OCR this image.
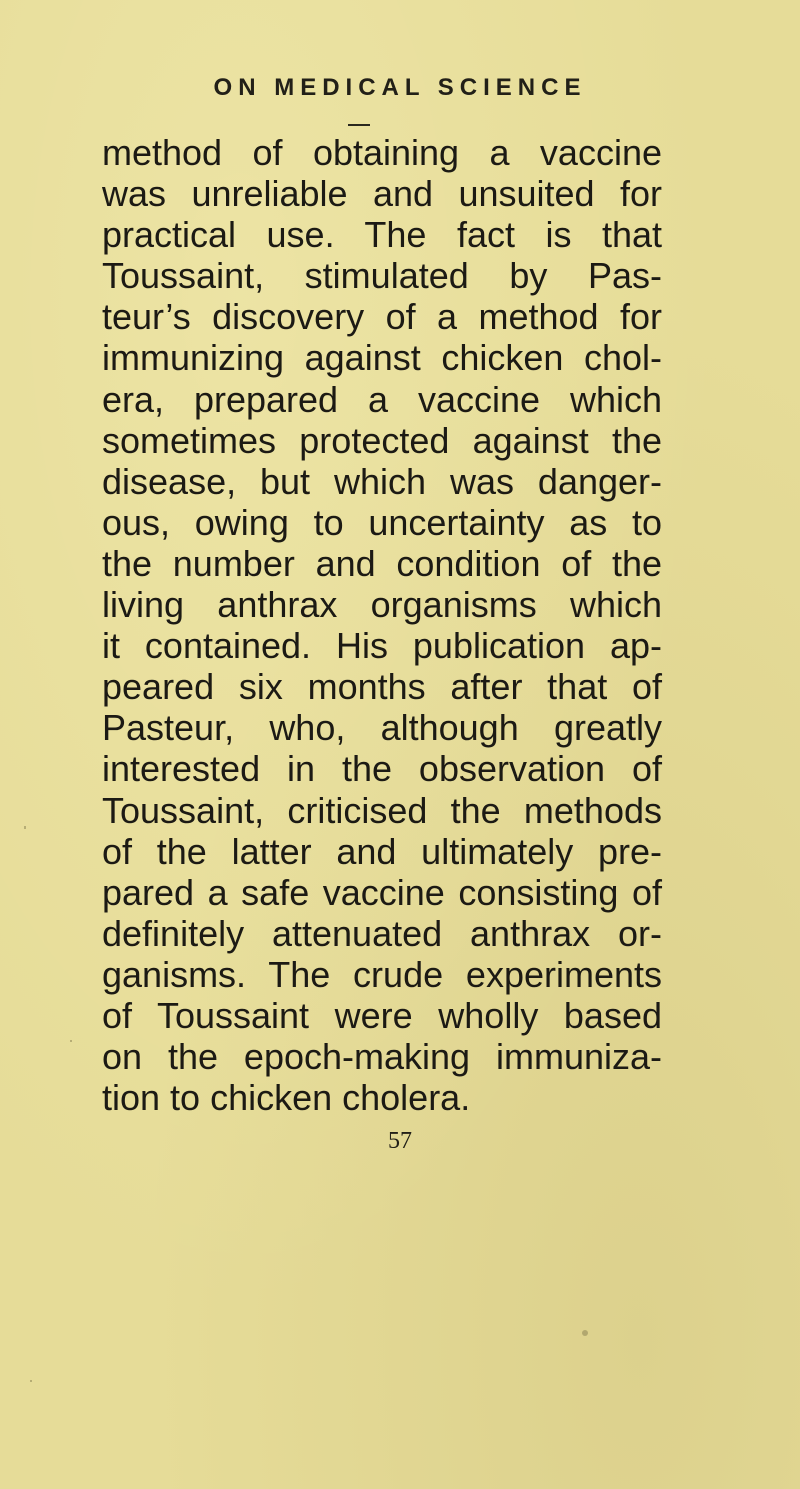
ON MEDICAL SCIENCE
method of obtaining a vaccine
was unreliable and unsuited for
practical use. The fact is that
Toussaint, stimulated by Pas-
teur’s discovery of a method for
immunizing against chicken chol-
era, prepared a vaccine which
sometimes protected against the
disease, but which was danger-
ous, owing to uncertainty as to
the number and condition of the
living anthrax organisms which
it contained. His publication ap-
peared six months after that of
Pasteur, who, although greatly
interested in the observation of
Toussaint, criticised the methods
of the latter and ultimately pre-
pared a safe vaccine consisting of
definitely attenuated anthrax or-
ganisms. The crude experiments
of Toussaint were wholly based
on the epoch-making immuniza-
tion to chicken cholera.
57
